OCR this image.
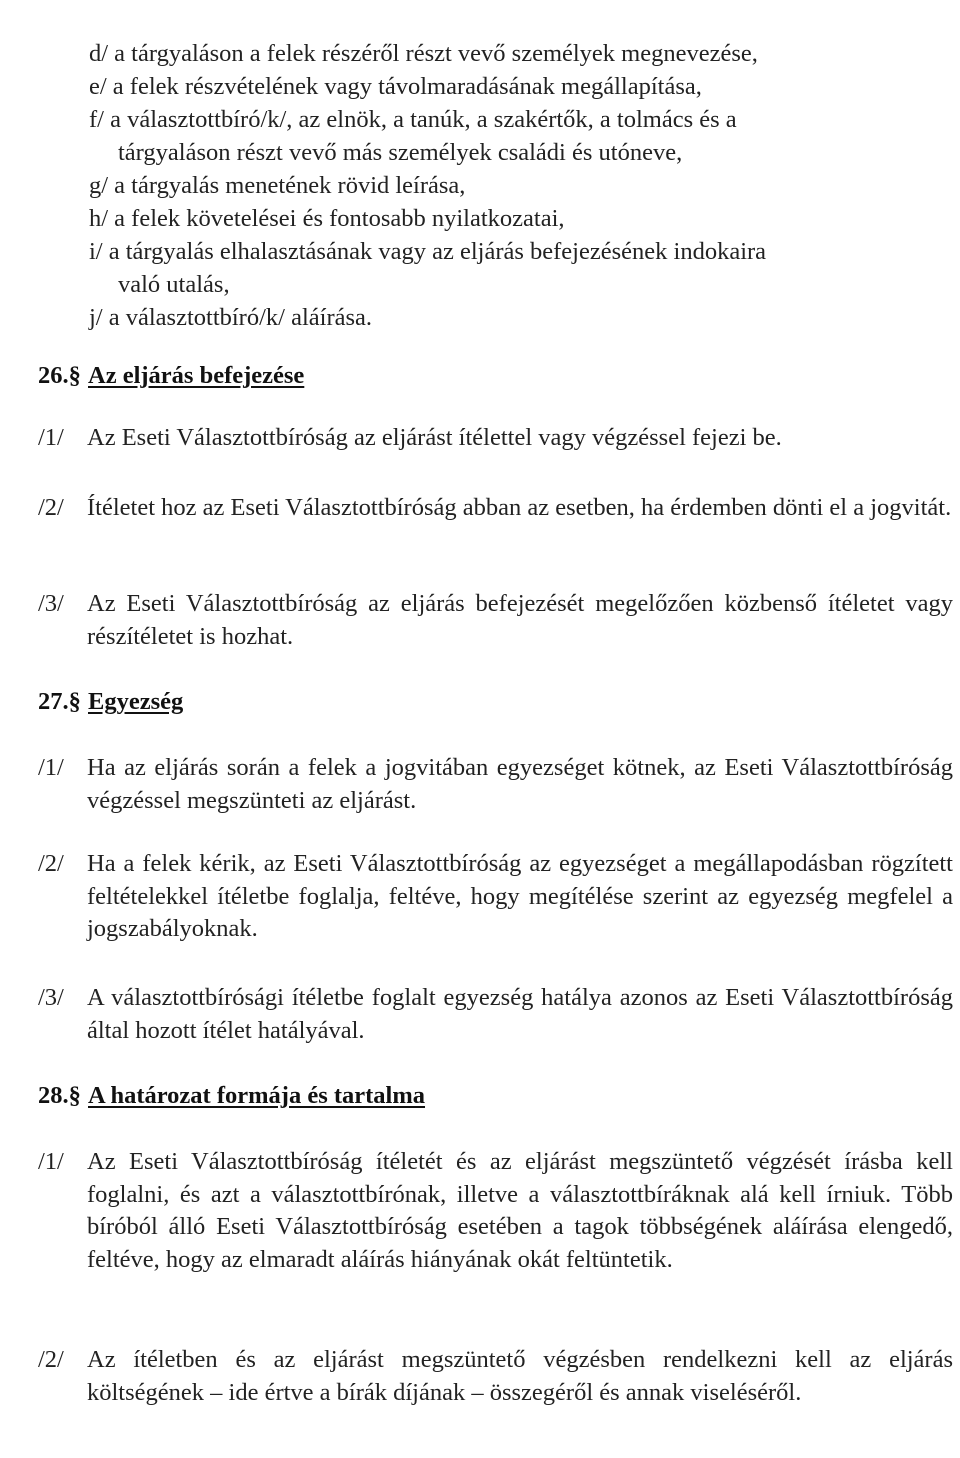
d/ a tárgyaláson a felek részéről részt vevő személyek megnevezése,
e/ a felek részvételének vagy távolmaradásának megállapítása,
f/ a választottbíró/k/, az elnök, a tanúk, a szakértők, a tolmács és a
tárgyaláson részt vevő más személyek családi és utóneve,
g/ a tárgyalás menetének rövid leírása,
h/ a felek követelései és fontosabb nyilatkozatai,
i/ a tárgyalás elhalasztásának vagy az eljárás befejezésének indokaira
való utalás,
j/ a választottbíró/k/ aláírása.
26.§ Az eljárás befejezése
/1/ Az Eseti Választottbíróság az eljárást ítélettel vagy végzéssel fejezi be.
/2/ Ítéletet hoz az Eseti Választottbíróság abban az esetben, ha érdemben dönti el a jogvitát.
/3/ Az Eseti Választottbíróság az eljárás befejezését megelőzően közbenső ítéletet vagy részítéletet is hozhat.
27.§ Egyezség
/1/ Ha az eljárás során a felek a jogvitában egyezséget kötnek, az Eseti Választottbíróság végzéssel megszünteti az eljárást.
/2/ Ha a felek kérik, az Eseti Választottbíróság az egyezséget a megállapodásban rögzített feltételekkel ítéletbe foglalja, feltéve, hogy megítélése szerint az egyezség megfelel a jogszabályoknak.
/3/ A választottbírósági ítéletbe foglalt egyezség hatálya azonos az Eseti Választottbíróság által hozott ítélet hatályával.
28.§ A határozat formája és tartalma
/1/ Az Eseti Választottbíróság ítéletét és az eljárást megszüntető végzését írásba kell foglalni, és azt a választottbírónak, illetve a választottbíráknak alá kell írniuk. Több bíróból álló Eseti Választottbíróság esetében a tagok többségének aláírása elengedő, feltéve, hogy az elmaradt aláírás hiányának okát feltüntetik.
/2/ Az ítéletben és az eljárást megszüntető végzésben rendelkezni kell az eljárás költségének – ide értve a bírák díjának – összegéről és annak viseléséről.
